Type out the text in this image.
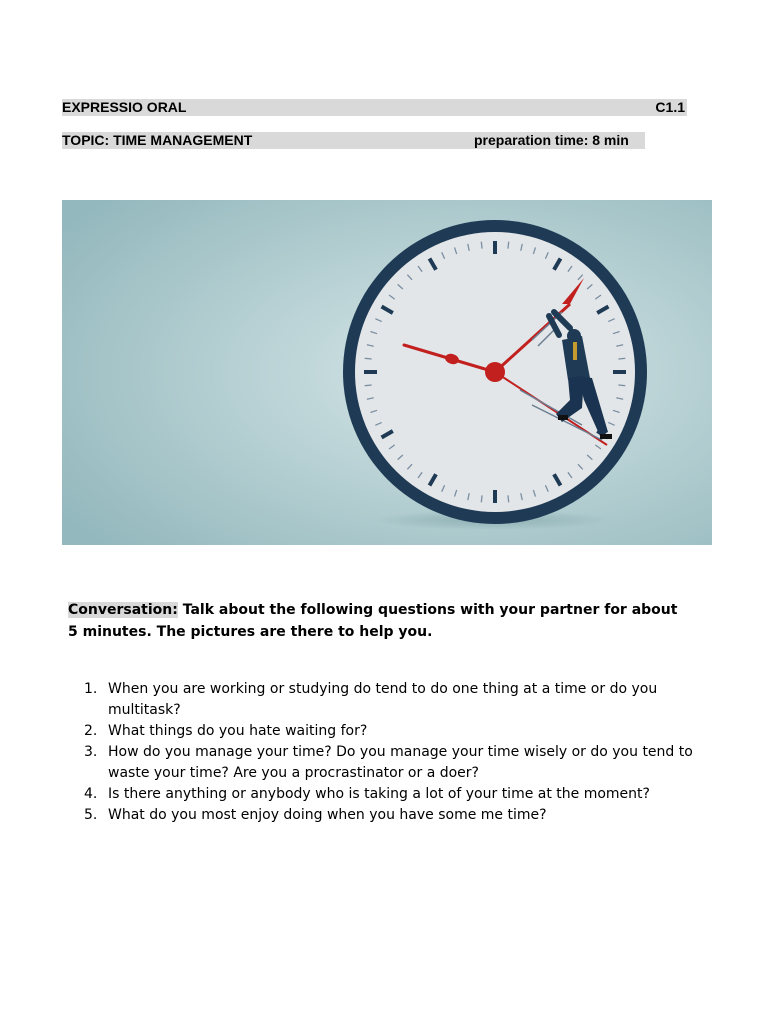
EXPRESSIO ORAL	C1.1
TOPIC: TIME MANAGEMENT	preparation time: 8 min
Conversation: Talk about the following questions with your partner for about 5 minutes. The pictures are there to help you.
1. When you are working or studying do tend to do one thing at a time or do you multitask?
2. What things do you hate waiting for?
3. How do you manage your time? Do you manage your time wisely or do you tend to waste your time? Are you a procrastinator or a doer?
4. Is there anything or anybody who is taking a lot of your time at the moment?
5. What do you most enjoy doing when you have some me time?
